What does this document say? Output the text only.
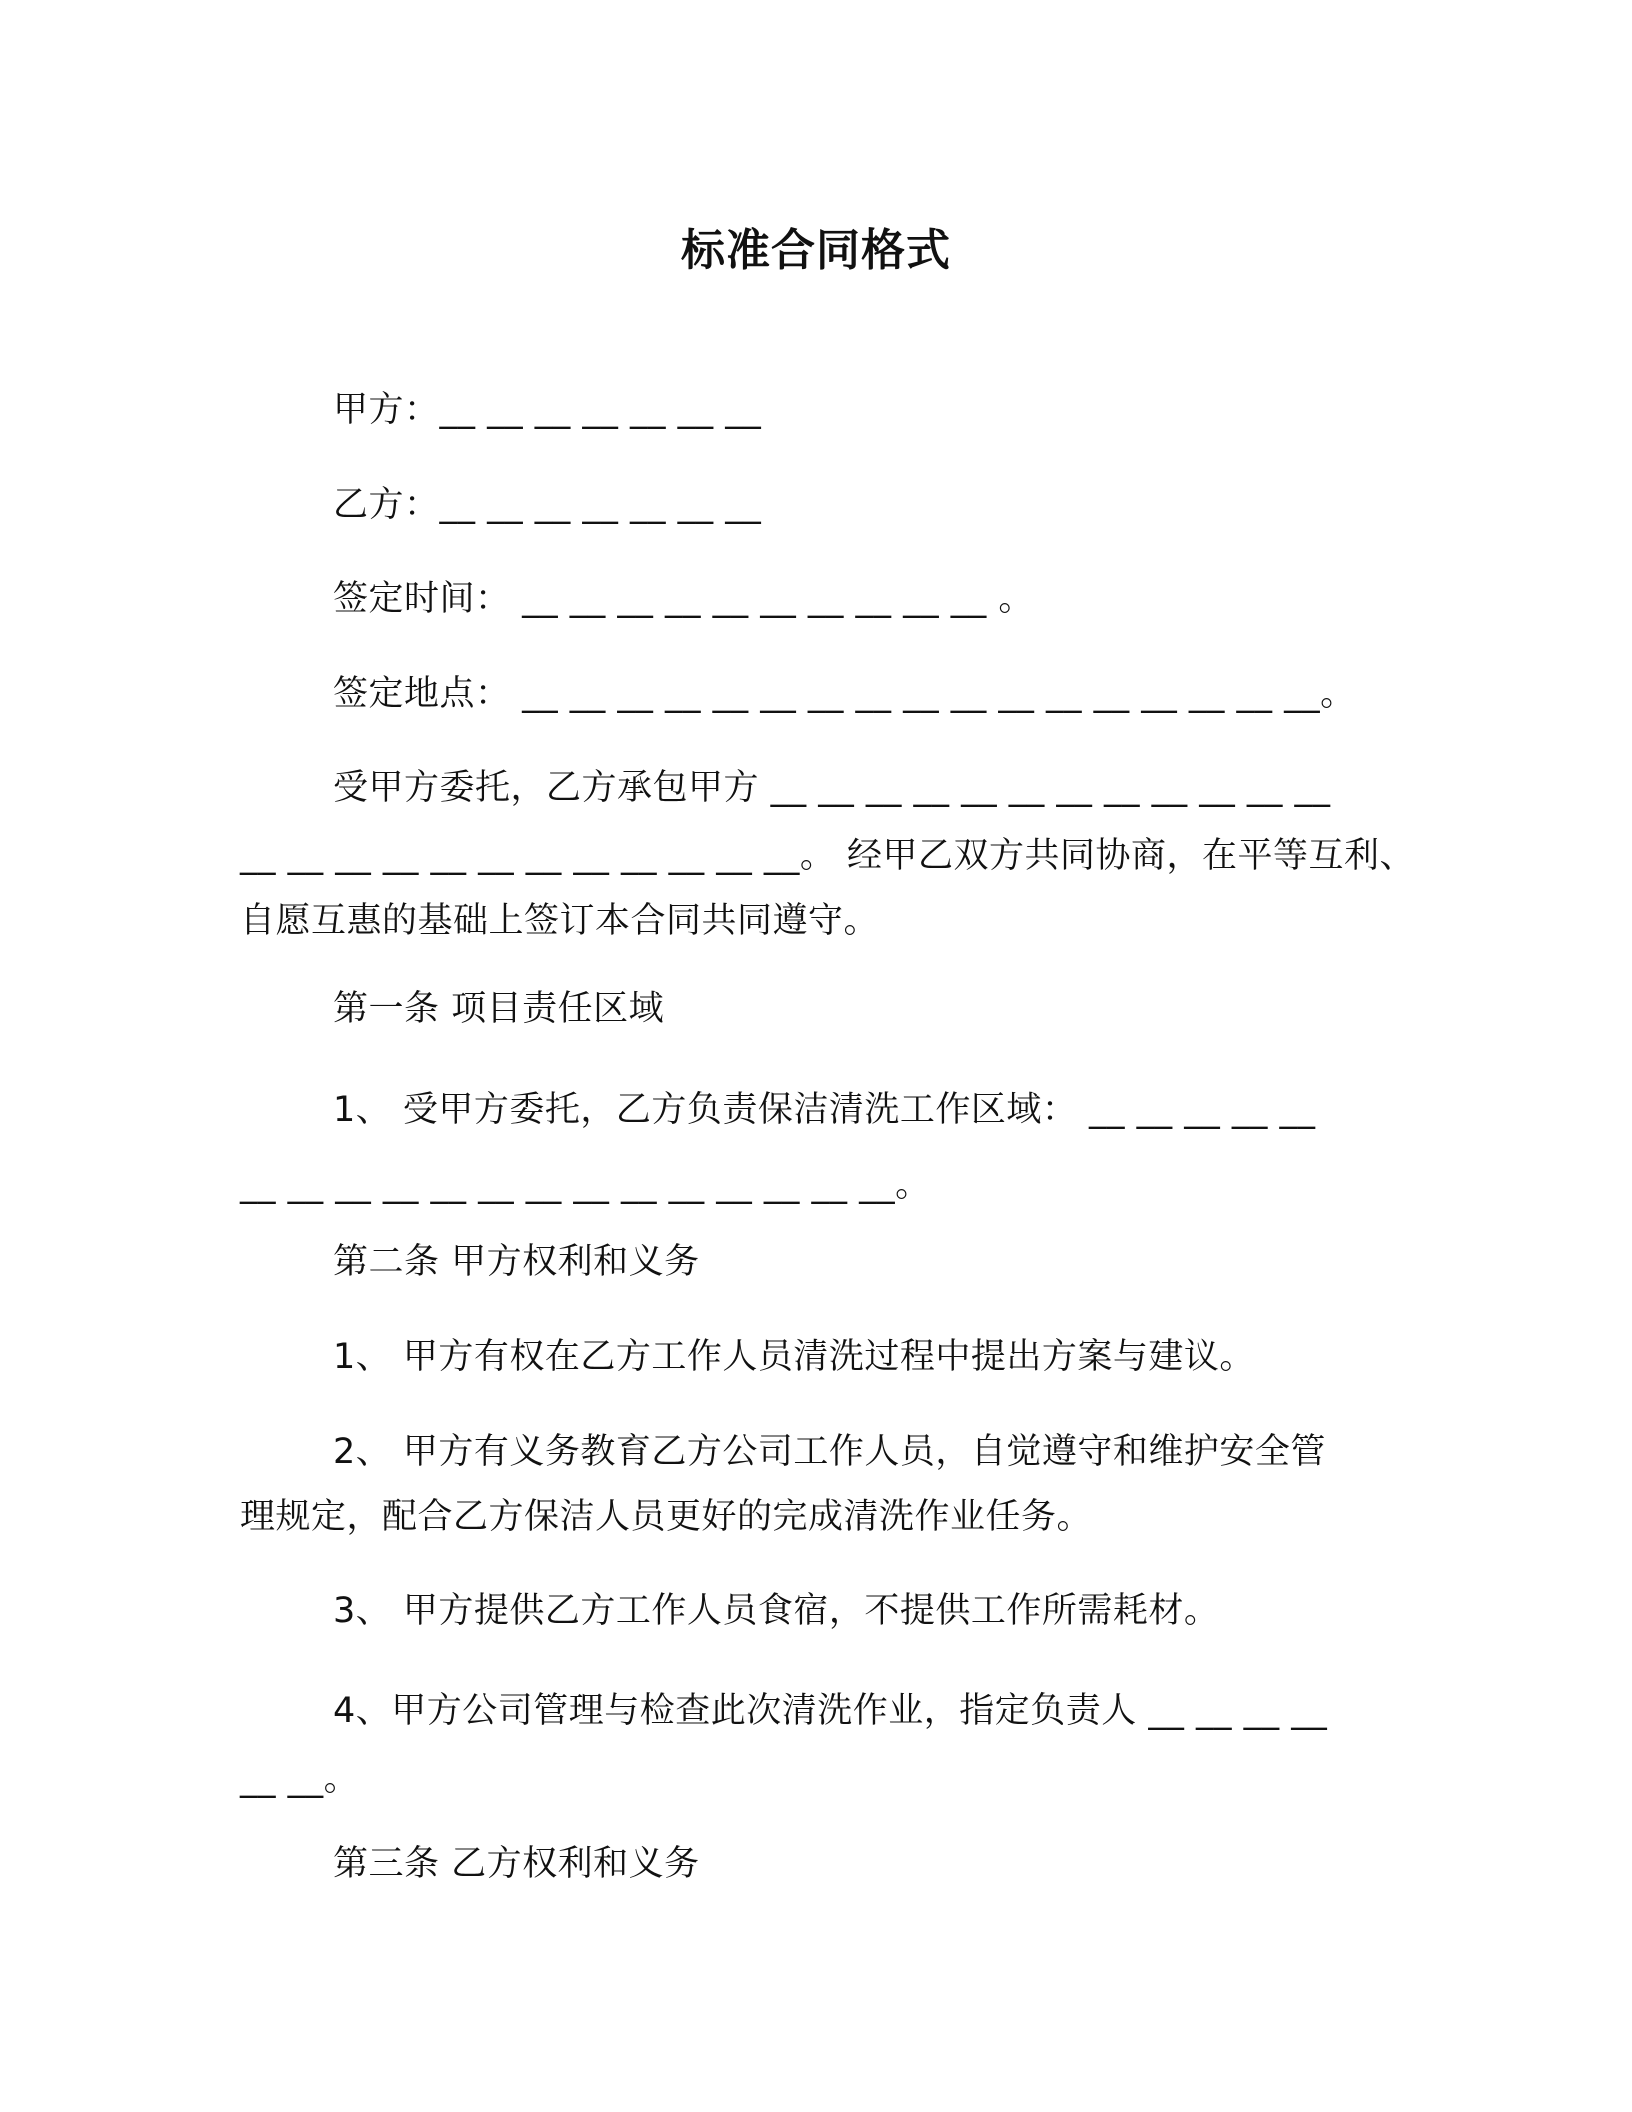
标准合同格式
甲方：__ __ __ __ __ __ __
乙方：__ __ __ __ __ __ __
签定时间： __ __ __ __ __ __ __ __ __ __ 。
签定地点： __ __ __ __ __ __ __ __ __ __ __ __ __ __ __ __ __。
受甲方委托，乙方承包甲方 __ __ __ __ __ __ __ __ __ __ __ __
__ __ __ __ __ __ __ __ __ __ __ __。 经甲乙双方共同协商，在平等互利、
自愿互惠的基础上签订本合同共同遵守。
第一条 项目责任区域
1、 受甲方委托，乙方负责保洁清洗工作区域： __ __ __ __ __
__ __ __ __ __ __ __ __ __ __ __ __ __ __。
第二条 甲方权利和义务
1、 甲方有权在乙方工作人员清洗过程中提出方案与建议。
2、 甲方有义务教育乙方公司工作人员，自觉遵守和维护安全管
理规定，配合乙方保洁人员更好的完成清洗作业任务。
3、 甲方提供乙方工作人员食宿，不提供工作所需耗材。
4、甲方公司管理与检查此次清洗作业，指定负责人 __ __ __ __
__ __。
第三条 乙方权利和义务
